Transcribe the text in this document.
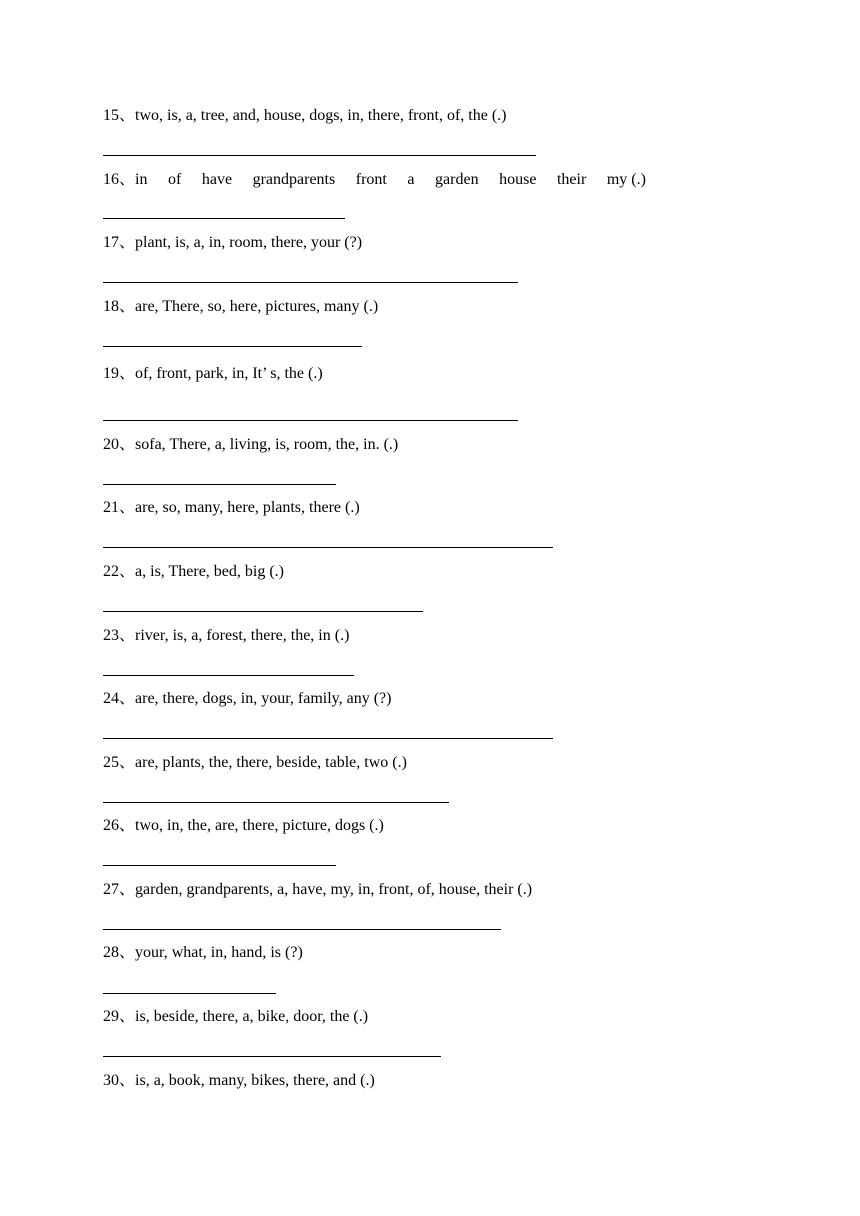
15、two, is, a, tree, and, house, dogs, in, there, front, of, the (.)
16、in of have grandparents front a garden house their my (.)
17、plant, is, a, in, room, there, your (?)
18、are, There, so, here, pictures, many (.)
19、of, front, park, in, It’ s, the (.)
20、sofa, There, a, living, is, room, the, in. (.)
21、are, so, many, here, plants, there (.)
22、a, is, There, bed, big (.)
23、river, is, a, forest, there, the, in (.)
24、are, there, dogs, in, your, family, any (?)
25、are, plants, the, there, beside, table, two (.)
26、two, in, the, are, there, picture, dogs (.)
27、garden, grandparents, a, have, my, in, front, of, house, their (.)
28、your, what, in, hand, is (?)
29、is, beside, there, a, bike, door, the (.)
30、is, a, book, many, bikes, there, and (.)
